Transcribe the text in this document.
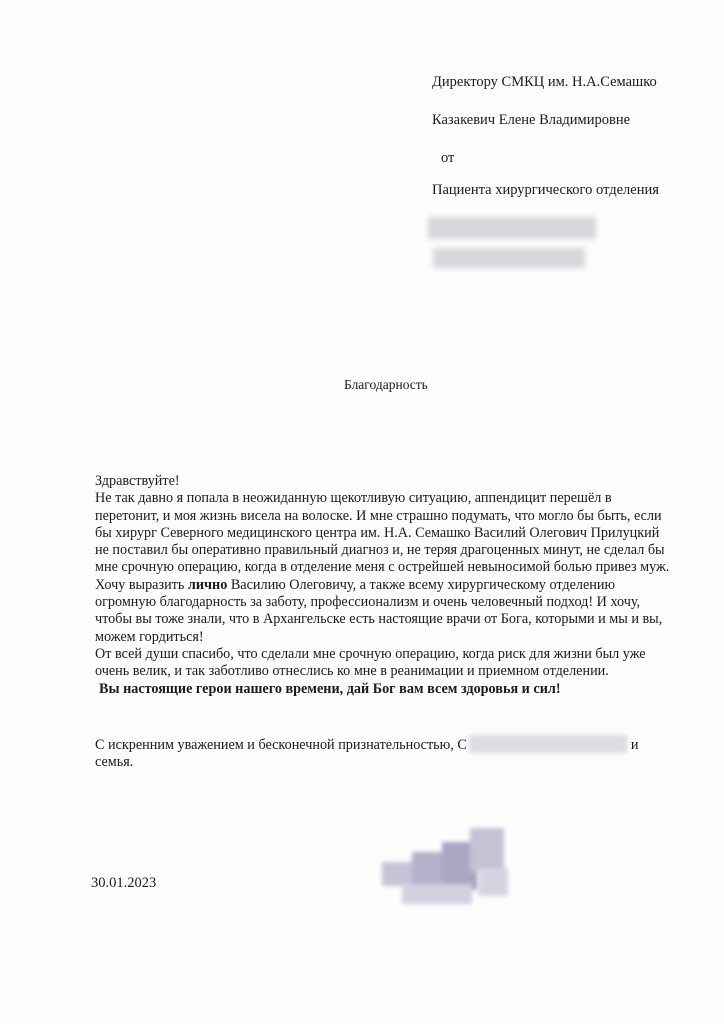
Директору СМКЦ им. Н.А.Семашко
Казакевич Елене Владимировне
от
Пациента хирургического отделения
Благодарность

Здравствуйте!

Не так давно я попала в неожиданную щекотливую ситуацию, аппендицит перешёл в перетонит, и моя жизнь висела на волоске. И мне страшно подумать, что могло бы быть, если бы хирург Северного медицинского центра им. Н.А. Семашко Василий Олегович Прилуцкий не поставил бы оперативно правильный диагноз и, не теряя драгоценных минут, не сделал бы мне срочную операцию, когда в отделение меня с острейшей невыносимой болью привез муж.

Хочу выразить лично Василию Олеговичу, а также всему хирургическому отделению огромную благодарность за заботу, профессионализм и очень человечный подход! И хочу, чтобы вы тоже знали, что в Архангельске есть настоящие врачи от Бога, которыми и мы и вы, можем гордиться!

От всей души спасибо, что сделали мне срочную операцию, когда риск для жизни был уже очень велик, и так заботливо отнеслись ко мне в реанимации и приемном отделении.

Вы настоящие герои нашего времени, дай Бог вам всем здоровья и сил!

С искренним уважением и бесконечной признательностью, С	и
семья.
30.01.2023
